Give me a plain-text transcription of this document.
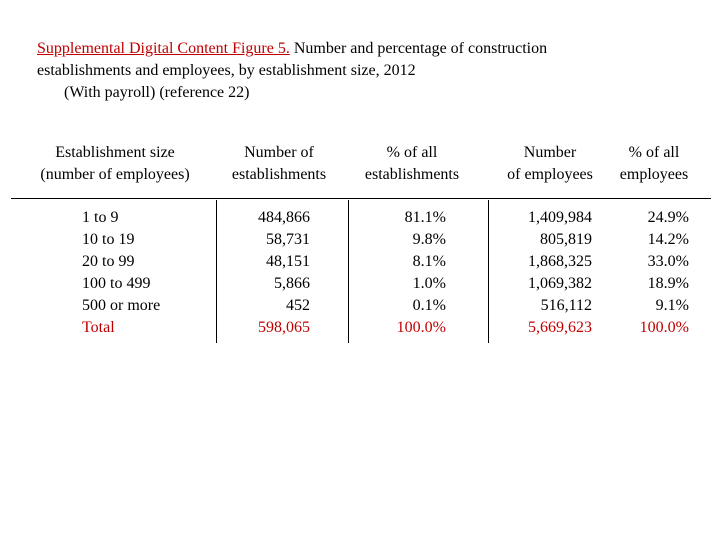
Supplemental Digital Content Figure 5. Number and percentage of construction
establishments and employees, by establishment size, 2012
(With payroll) (reference 22)
Establishment size
(number of employees)
Number of
establishments
% of all
establishments
Number
of employees
% of all
employees
1 to 9
10 to 19
20 to 99
100 to 499
500 or more
Total
484,866
58,731
48,151
5,866
452
598,065
81.1%
9.8%
8.1%
1.0%
0.1%
100.0%
1,409,984
805,819
1,868,325
1,069,382
516,112
5,669,623
24.9%
14.2%
33.0%
18.9%
9.1%
100.0%
